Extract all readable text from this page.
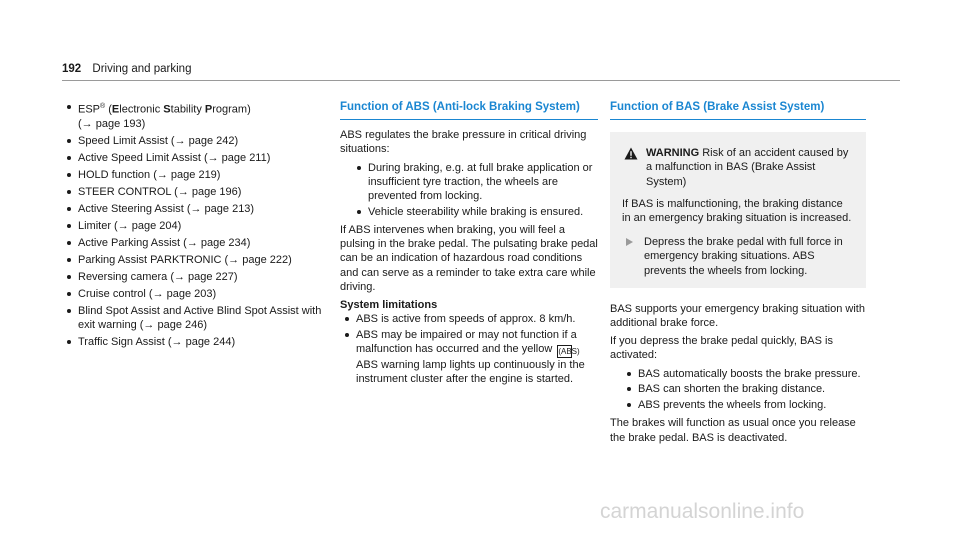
192 Driving and parking
ESP® (Electronic Stability Program)
(→ page 193)
Speed Limit Assist (→ page 242)
Active Speed Limit Assist (→ page 211)
HOLD function (→ page 219)
STEER CONTROL (→ page 196)
Active Steering Assist (→ page 213)
Limiter (→ page 204)
Active Parking Assist (→ page 234)
Parking Assist PARKTRONIC (→ page 222)
Reversing camera (→ page 227)
Cruise control (→ page 203)
Blind Spot Assist and Active Blind Spot Assist with exit warning (→ page 246)
Traffic Sign Assist (→ page 244)
Function of ABS (Anti-lock Braking System)

ABS regulates the brake pressure in critical driving situations:

During braking, e.g. at full brake application or insufficient tyre traction, the wheels are prevented from locking.
Vehicle steerability while braking is ensured.

If ABS intervenes when braking, you will feel a pulsing in the brake pedal. The pulsating brake pedal can be an indication of hazardous road conditions and can serve as a reminder to take extra care while driving.

System limitations
ABS is active from speeds of approx. 8 km/h.
ABS may be impaired or may not function if a malfunction has occurred and the yellow (ABS) ABS warning lamp lights up continuously in the instrument cluster after the engine is started.
Function of BAS (Brake Assist System)
WARNING Risk of an accident caused by a malfunction in BAS (Brake Assist System)
If BAS is malfunctioning, the braking distance in an emergency braking situation is increased.
Depress the brake pedal with full force in emergency braking situations. ABS prevents the wheels from locking.

BAS supports your emergency braking situation with additional brake force.

If you depress the brake pedal quickly, BAS is activated:

BAS automatically boosts the brake pressure.
BAS can shorten the braking distance.
ABS prevents the wheels from locking.

The brakes will function as usual once you release the brake pedal. BAS is deactivated.

carmanualsonline.info
